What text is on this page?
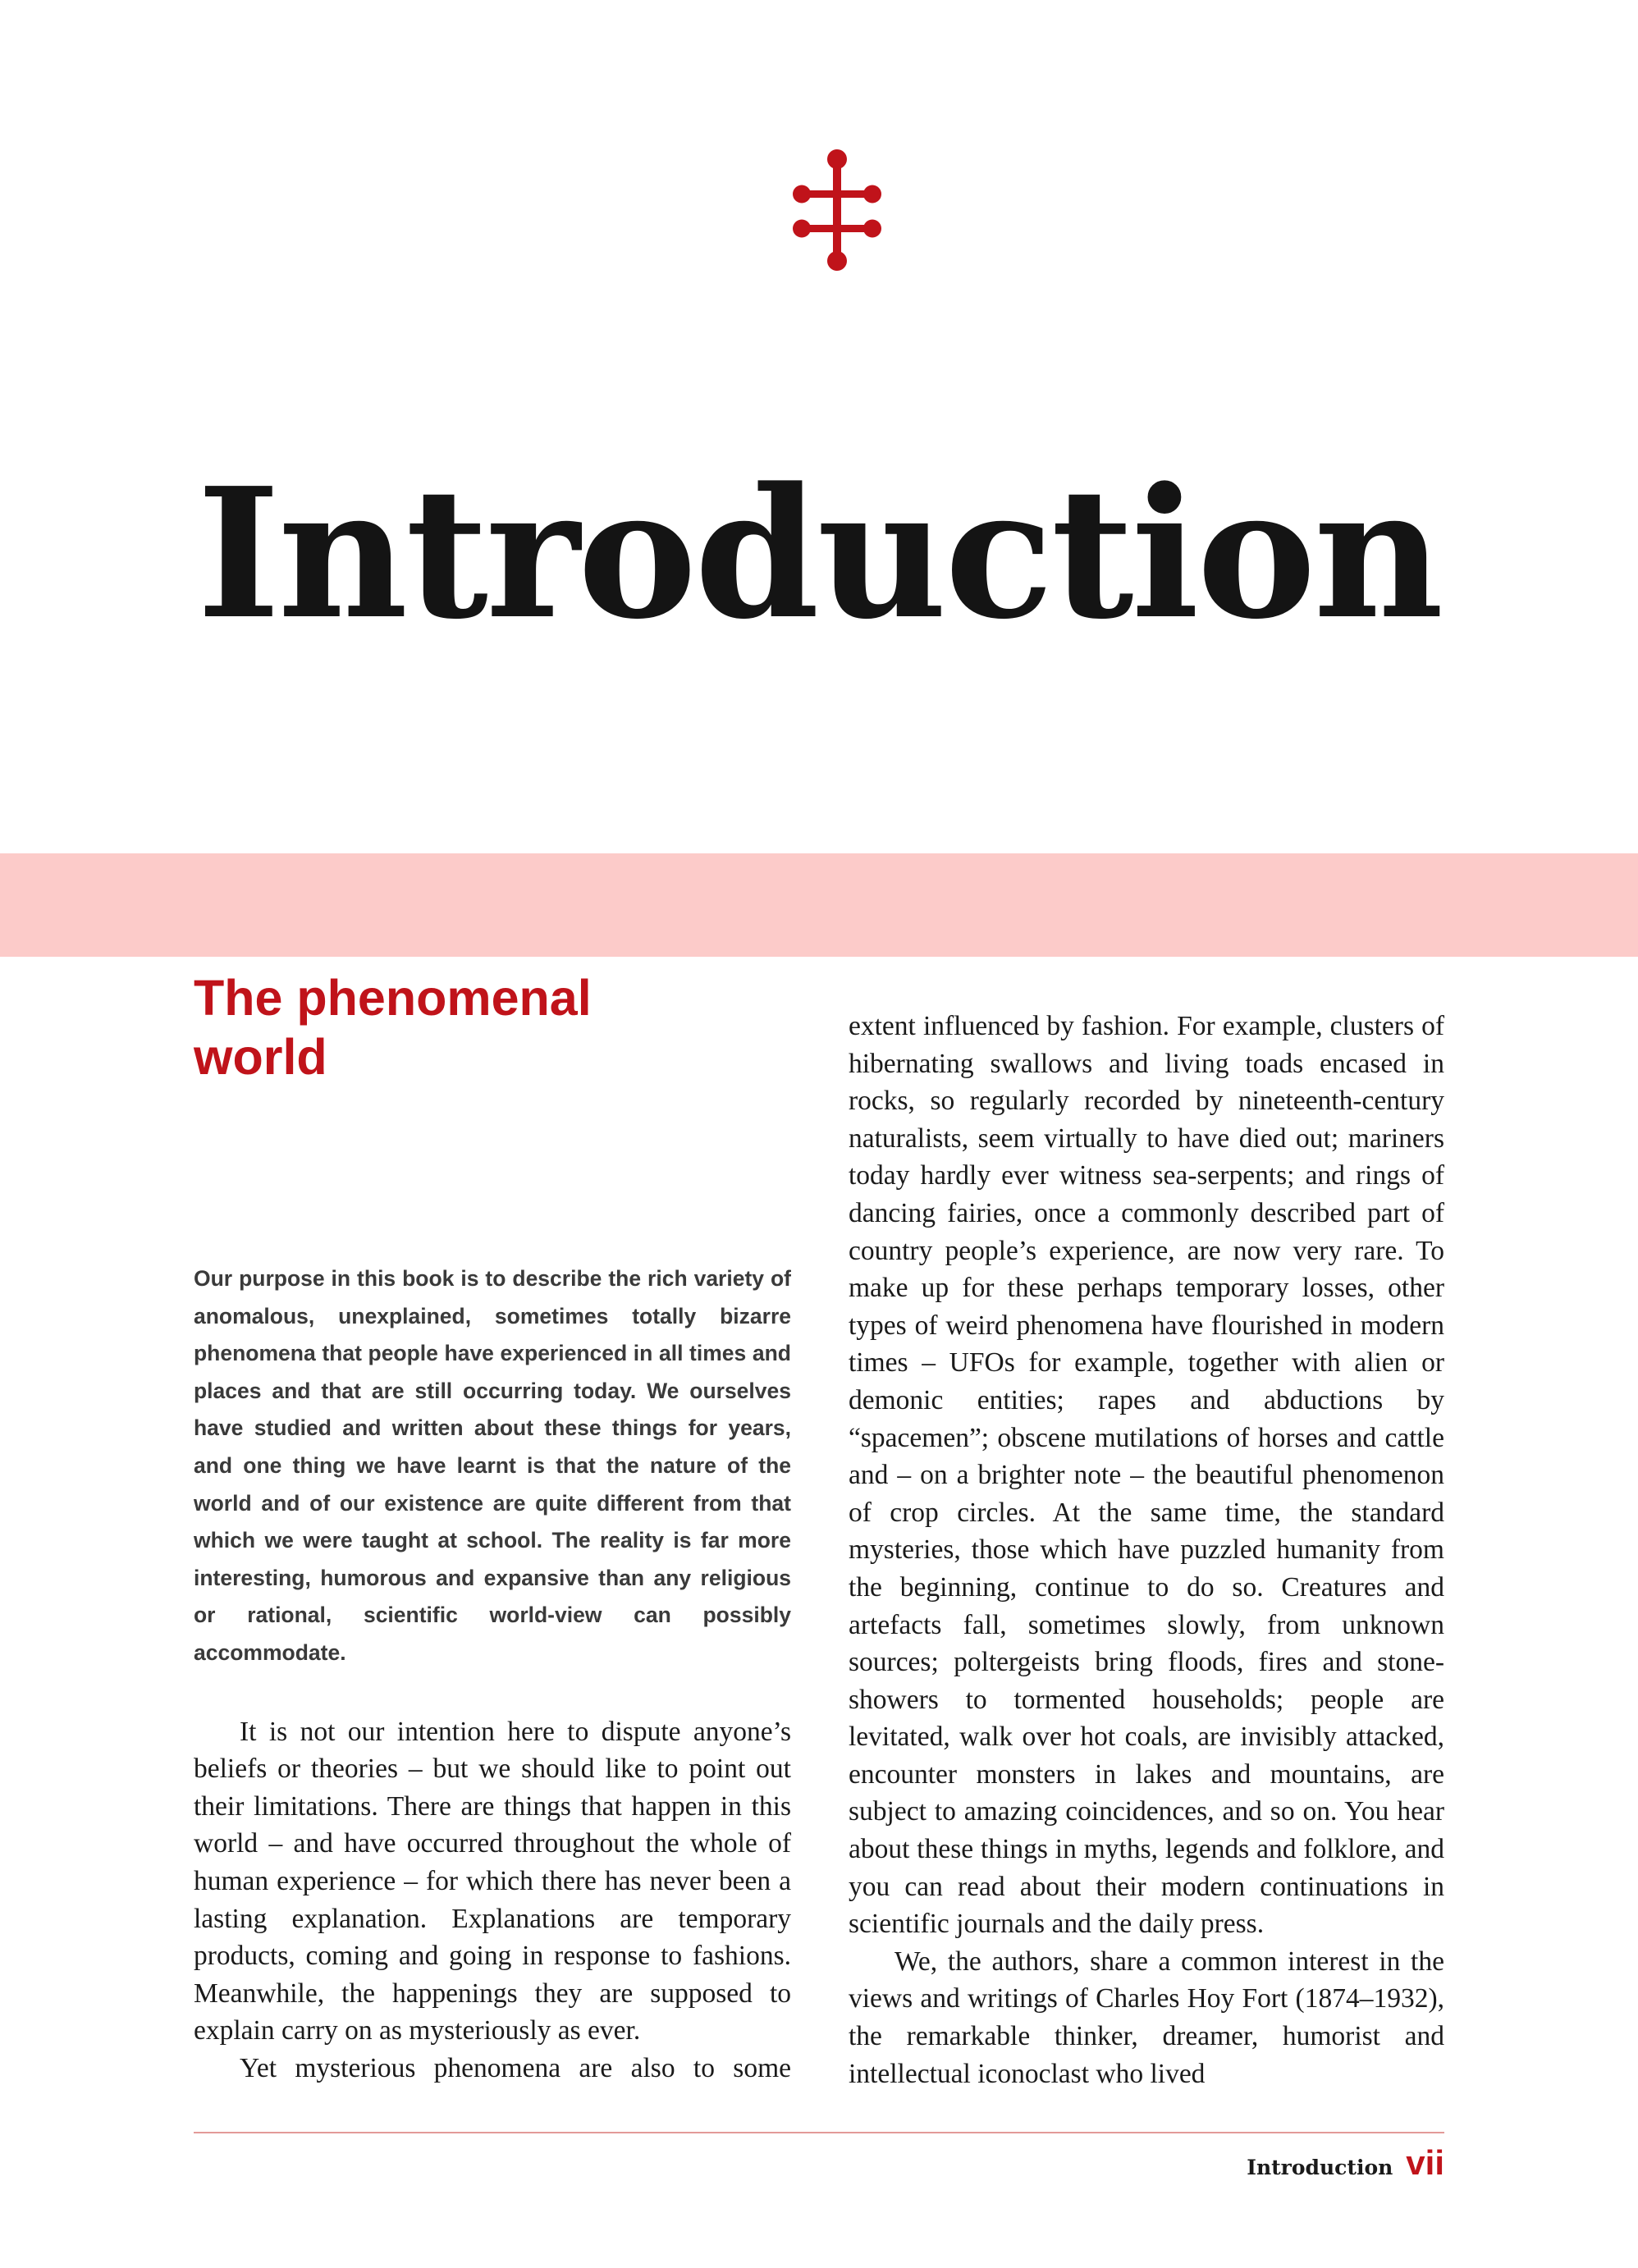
Introduction
The phenomenal
world

Our purpose in this book is to describe the rich variety of anomalous, unexplained, sometimes totally bizarre phenomena that people have experienced in all times and places and that are still occurring today. We ourselves have studied and written about these things for years, and one thing we have learnt is that the nature of the world and of our existence are quite different from that which we were taught at school. The reality is far more interesting, humorous and expansive than any religious or rational, scientific world-view can possibly accommodate.

It is not our intention here to dispute anyone’s beliefs or theories – but we should like to point out their limitations. There are things that happen in this world – and have occurred throughout the whole of human experience – for which there has never been a lasting explanation. Explanations are temporary products, coming and going in response to fashions. Meanwhile, the happenings they are supposed to explain carry on as mysteriously as ever.

Yet mysterious phenomena are also to some

extent influenced by fashion. For example, clusters of hibernating swallows and living toads encased in rocks, so regularly recorded by nineteenth-century naturalists, seem virtually to have died out; mariners today hardly ever witness sea-serpents; and rings of dancing fairies, once a commonly described part of country people’s experience, are now very rare. To make up for these perhaps temporary losses, other types of weird phenomena have flourished in modern times – UFOs for example, together with alien or demonic entities; rapes and abductions by “spacemen”; obscene mutilations of horses and cattle and – on a brighter note – the beautiful phenomenon of crop circles. At the same time, the standard mysteries, those which have puzzled humanity from the beginning, continue to do so. Creatures and artefacts fall, sometimes slowly, from unknown sources; poltergeists bring floods, fires and stone-showers to tormented households; people are levitated, walk over hot coals, are invisibly attacked, encounter monsters in lakes and mountains, are subject to amazing coincidences, and so on. You hear about these things in myths, legends and folklore, and you can read about their modern continuations in scientific journals and the daily press.

We, the authors, share a common interest in the views and writings of Charles Hoy Fort (1874–1932), the remarkable thinker, dreamer, humorist and intellectual iconoclast who lived

Introduction vii
